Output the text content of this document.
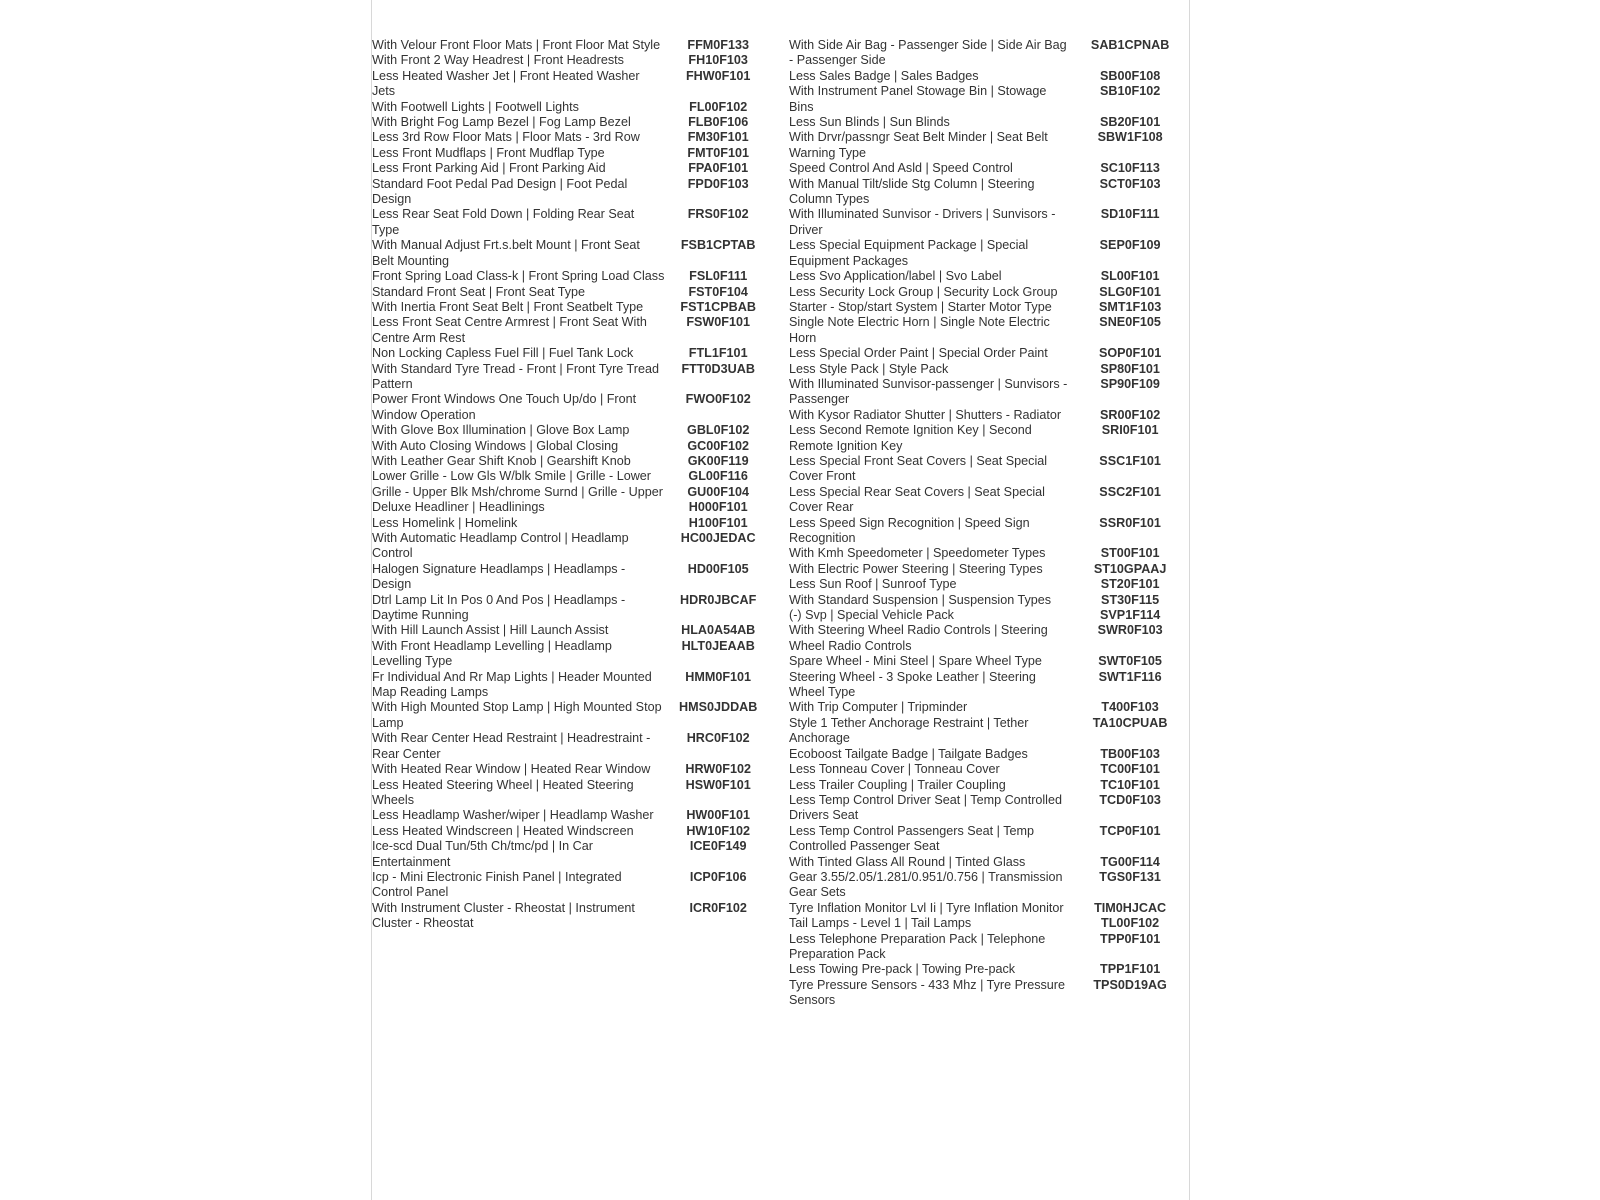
With Velour Front Floor Mats | Front Floor Mat Style	FFM0F133
With Front 2 Way Headrest | Front Headrests	FH10F103
Less Heated Washer Jet | Front Heated Washer Jets	FHW0F101
With Footwell Lights | Footwell Lights	FL00F102
With Bright Fog Lamp Bezel | Fog Lamp Bezel	FLB0F106
Less 3rd Row Floor Mats | Floor Mats - 3rd Row	FM30F101
Less Front Mudflaps | Front Mudflap Type	FMT0F101
Less Front Parking Aid | Front Parking Aid	FPA0F101
Standard Foot Pedal Pad Design | Foot Pedal Design	FPD0F103
Less Rear Seat Fold Down | Folding Rear Seat Type	FRS0F102
With Manual Adjust Frt.s.belt Mount | Front Seat Belt Mounting	FSB1CPTAB
Front Spring Load Class-k | Front Spring Load Class	FSL0F111
Standard Front Seat | Front Seat Type	FST0F104
With Inertia Front Seat Belt | Front Seatbelt Type	FST1CPBAB
Less Front Seat Centre Armrest | Front Seat With Centre Arm Rest	FSW0F101
Non Locking Capless Fuel Fill | Fuel Tank Lock	FTL1F101
With Standard Tyre Tread - Front | Front Tyre Tread Pattern	FTT0D3UAB
Power Front Windows One Touch Up/do | Front Window Operation	FWO0F102
With Glove Box Illumination | Glove Box Lamp	GBL0F102
With Auto Closing Windows | Global Closing	GC00F102
With Leather Gear Shift Knob | Gearshift Knob	GK00F119
Lower Grille - Low Gls W/blk Smile | Grille - Lower	GL00F116
Grille - Upper Blk Msh/chrome Surnd | Grille - Upper	GU00F104
Deluxe Headliner | Headlinings	H000F101
Less Homelink | Homelink	H100F101
With Automatic Headlamp Control | Headlamp Control	HC00JEDAC
Halogen Signature Headlamps | Headlamps - Design	HD00F105
Dtrl Lamp Lit In Pos 0 And Pos | Headlamps - Daytime Running	HDR0JBCAF
With Hill Launch Assist | Hill Launch Assist	HLA0A54AB
With Front Headlamp Levelling | Headlamp Levelling Type	HLT0JEAAB
Fr Individual And Rr Map Lights | Header Mounted Map Reading Lamps	HMM0F101
With High Mounted Stop Lamp | High Mounted Stop Lamp	HMS0JDDAB
With Rear Center Head Restraint | Headrestraint - Rear Center	HRC0F102
With Heated Rear Window | Heated Rear Window	HRW0F102
Less Heated Steering Wheel | Heated Steering Wheels	HSW0F101
Less Headlamp Washer/wiper | Headlamp Washer	HW00F101
Less Heated Windscreen | Heated Windscreen	HW10F102
Ice-scd Dual Tun/5th Ch/tmc/pd | In Car Entertainment	ICE0F149
Icp - Mini Electronic Finish Panel | Integrated Control Panel	ICP0F106
With Instrument Cluster - Rheostat | Instrument Cluster - Rheostat	ICR0F102
With Side Air Bag - Passenger Side | Side Air Bag - Passenger Side	SAB1CPNAB
Less Sales Badge | Sales Badges	SB00F108
With Instrument Panel Stowage Bin | Stowage Bins	SB10F102
Less Sun Blinds | Sun Blinds	SB20F101
With Drvr/passngr Seat Belt Minder | Seat Belt Warning Type	SBW1F108
Speed Control And Asld | Speed Control	SC10F113
With Manual Tilt/slide Stg Column | Steering Column Types	SCT0F103
With Illuminated Sunvisor - Drivers | Sunvisors - Driver	SD10F111
Less Special Equipment Package | Special Equipment Packages	SEP0F109
Less Svo Application/label | Svo Label	SL00F101
Less Security Lock Group | Security Lock Group	SLG0F101
Starter - Stop/start System | Starter Motor Type	SMT1F103
Single Note Electric Horn | Single Note Electric Horn	SNE0F105
Less Special Order Paint | Special Order Paint	SOP0F101
Less Style Pack | Style Pack	SP80F101
With Illuminated Sunvisor-passenger | Sunvisors - Passenger	SP90F109
With Kysor Radiator Shutter | Shutters - Radiator	SR00F102
Less Second Remote Ignition Key | Second Remote Ignition Key	SRI0F101
Less Special Front Seat Covers | Seat Special Cover Front	SSC1F101
Less Special Rear Seat Covers | Seat Special Cover Rear	SSC2F101
Less Speed Sign Recognition | Speed Sign Recognition	SSR0F101
With Kmh Speedometer | Speedometer Types	ST00F101
With Electric Power Steering | Steering Types	ST10GPAAJ
Less Sun Roof | Sunroof Type	ST20F101
With Standard Suspension | Suspension Types	ST30F115
(-) Svp | Special Vehicle Pack	SVP1F114
With Steering Wheel Radio Controls | Steering Wheel Radio Controls	SWR0F103
Spare Wheel - Mini Steel | Spare Wheel Type	SWT0F105
Steering Wheel - 3 Spoke Leather | Steering Wheel Type	SWT1F116
With Trip Computer | Tripminder	T400F103
Style 1 Tether Anchorage Restraint | Tether Anchorage	TA10CPUAB
Ecoboost Tailgate Badge | Tailgate Badges	TB00F103
Less Tonneau Cover | Tonneau Cover	TC00F101
Less Trailer Coupling | Trailer Coupling	TC10F101
Less Temp Control Driver Seat | Temp Controlled Drivers Seat	TCD0F103
Less Temp Control Passengers Seat | Temp Controlled Passenger Seat	TCP0F101
With Tinted Glass All Round | Tinted Glass	TG00F114
Gear 3.55/2.05/1.281/0.951/0.756 | Transmission Gear Sets	TGS0F131
Tyre Inflation Monitor Lvl Ii | Tyre Inflation Monitor	TIM0HJCAC
Tail Lamps - Level 1 | Tail Lamps	TL00F102
Less Telephone Preparation Pack | Telephone Preparation Pack	TPP0F101
Less Towing Pre-pack | Towing Pre-pack	TPP1F101
Tyre Pressure Sensors - 433 Mhz | Tyre Pressure Sensors	TPS0D19AG
